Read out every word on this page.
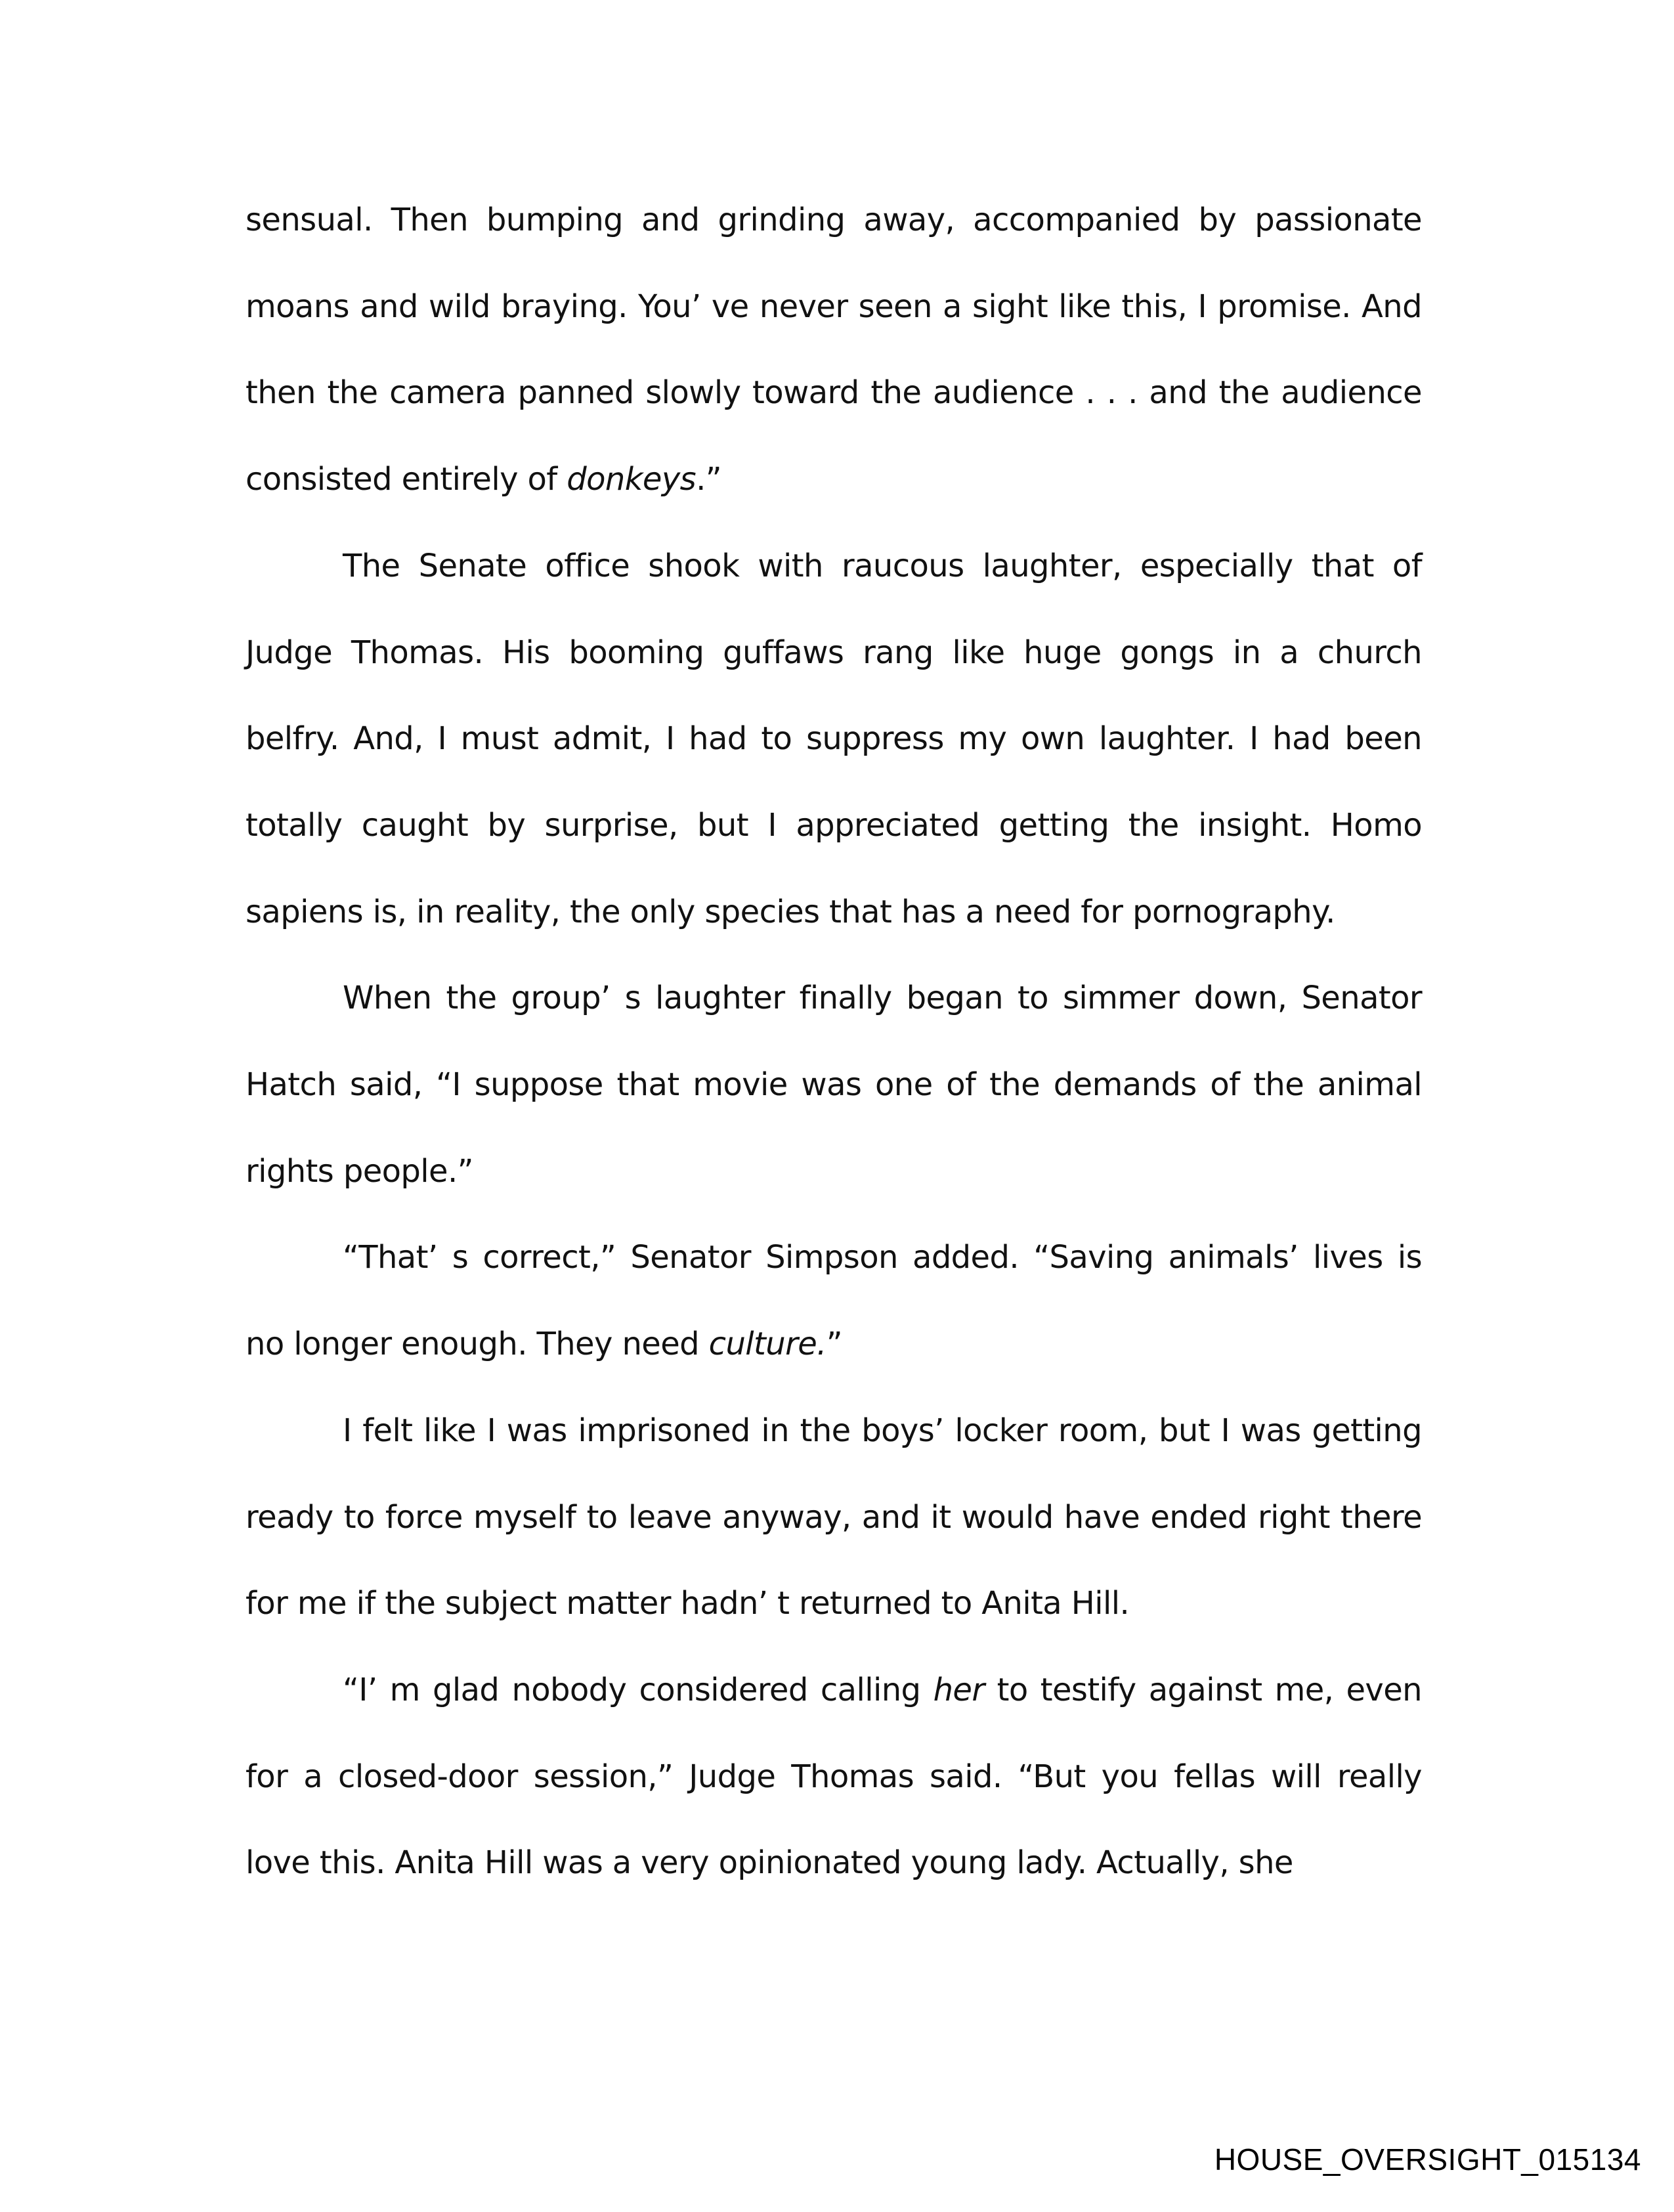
sensual. Then bumping and grinding away, accompanied by passionate moans and wild braying. You’ ve never seen a sight like this, I promise. And then the camera panned slowly toward the audience . . . and the audience consisted entirely of donkeys.”

The Senate office shook with raucous laughter, especially that of Judge Thomas. His booming guffaws rang like huge gongs in a church belfry. And, I must admit, I had to suppress my own laughter. I had been totally caught by surprise, but I appreciated getting the insight. Homo sapiens is, in reality, the only species that has a need for pornography.

When the group’ s laughter finally began to simmer down, Senator Hatch said, “I suppose that movie was one of the demands of the animal rights people.”

“That’ s correct,” Senator Simpson added. “Saving animals’ lives is no longer enough. They need culture.”

I felt like I was imprisoned in the boys’ locker room, but I was getting ready to force myself to leave anyway, and it would have ended right there for me if the subject matter hadn’ t returned to Anita Hill.

“I’ m glad nobody considered calling her to testify against me, even for a closed-door session,” Judge Thomas said. “But you fellas will really love this. Anita Hill was a very opinionated young lady. Actually, she

HOUSE_OVERSIGHT_015134
